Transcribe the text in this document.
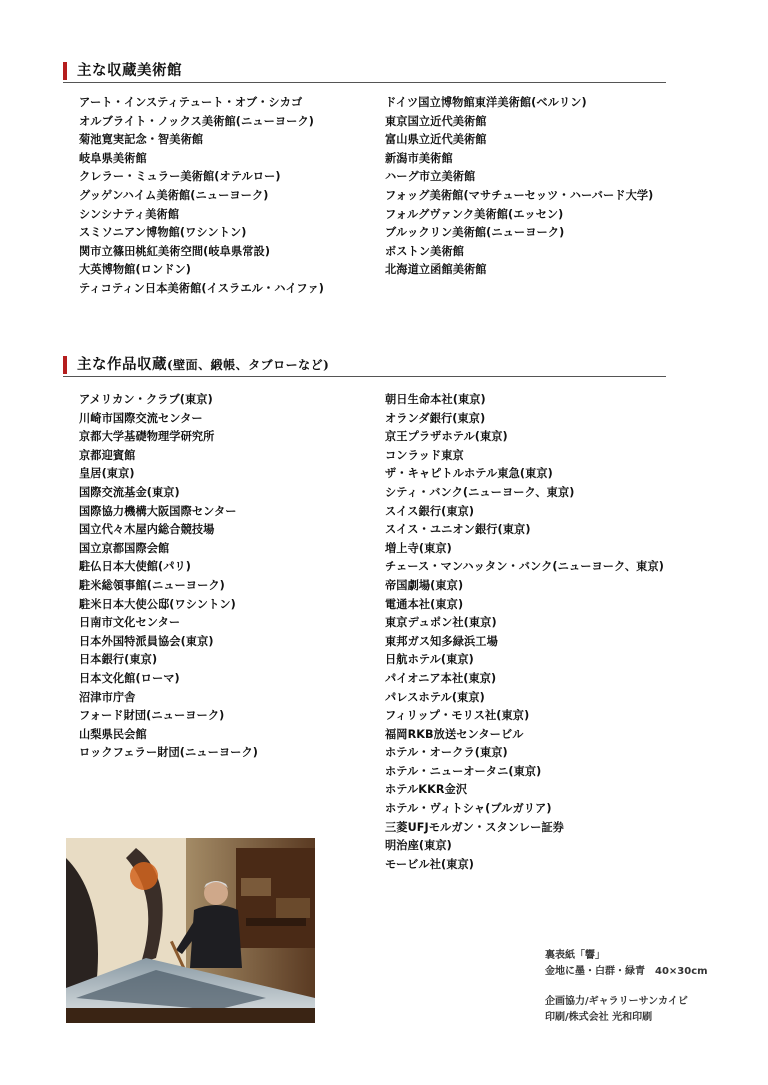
主な収蔵美術館
アート・インスティテュート・オブ・シカゴ
オルブライト・ノックス美術館(ニューヨーク)
菊池寛実記念・智美術館
岐阜県美術館
クレラー・ミュラー美術館(オテルロー)
グッゲンハイム美術館(ニューヨーク)
シンシナティ美術館
スミソニアン博物館(ワシントン)
関市立篠田桃紅美術空間(岐阜県常設)
大英博物館(ロンドン)
ティコティン日本美術館(イスラエル・ハイファ)
ドイツ国立博物館東洋美術館(ベルリン)
東京国立近代美術館
富山県立近代美術館
新潟市美術館
ハーグ市立美術館
フォッグ美術館(マサチューセッツ・ハーバード大学)
フォルグヴァンク美術館(エッセン)
ブルックリン美術館(ニューヨーク)
ボストン美術館
北海道立函館美術館
主な作品収蔵(壁面、緞帳、タブローなど)
アメリカン・クラブ(東京)
川崎市国際交流センター
京都大学基礎物理学研究所
京都迎賓館
皇居(東京)
国際交流基金(東京)
国際協力機構大阪国際センター
国立代々木屋内総合競技場
国立京都国際会館
駐仏日本大使館(パリ)
駐米総領事館(ニューヨーク)
駐米日本大使公邸(ワシントン)
日南市文化センター
日本外国特派員協会(東京)
日本銀行(東京)
日本文化館(ローマ)
沼津市庁舎
フォード財団(ニューヨーク)
山梨県民会館
ロックフェラー財団(ニューヨーク)
朝日生命本社(東京)
オランダ銀行(東京)
京王プラザホテル(東京)
コンラッド東京
ザ・キャピトルホテル東急(東京)
シティ・バンク(ニューヨーク、東京)
スイス銀行(東京)
スイス・ユニオン銀行(東京)
増上寺(東京)
チェース・マンハッタン・バンク(ニューヨーク、東京)
帝国劇場(東京)
電通本社(東京)
東京デュポン社(東京)
東邦ガス知多緑浜工場
日航ホテル(東京)
パイオニア本社(東京)
パレスホテル(東京)
フィリップ・モリス社(東京)
福岡RKB放送センタービル
ホテル・オークラ(東京)
ホテル・ニューオータニ(東京)
ホテルKKR金沢
ホテル・ヴィトシャ(ブルガリア)
三菱UFJモルガン・スタンレー証券
明治座(東京)
モービル社(東京)
裏表紙「響」
金地に墨・白群・緑青　40×30cm
企画協力/ギャラリーサンカイビ
印刷/株式会社 光和印刷
